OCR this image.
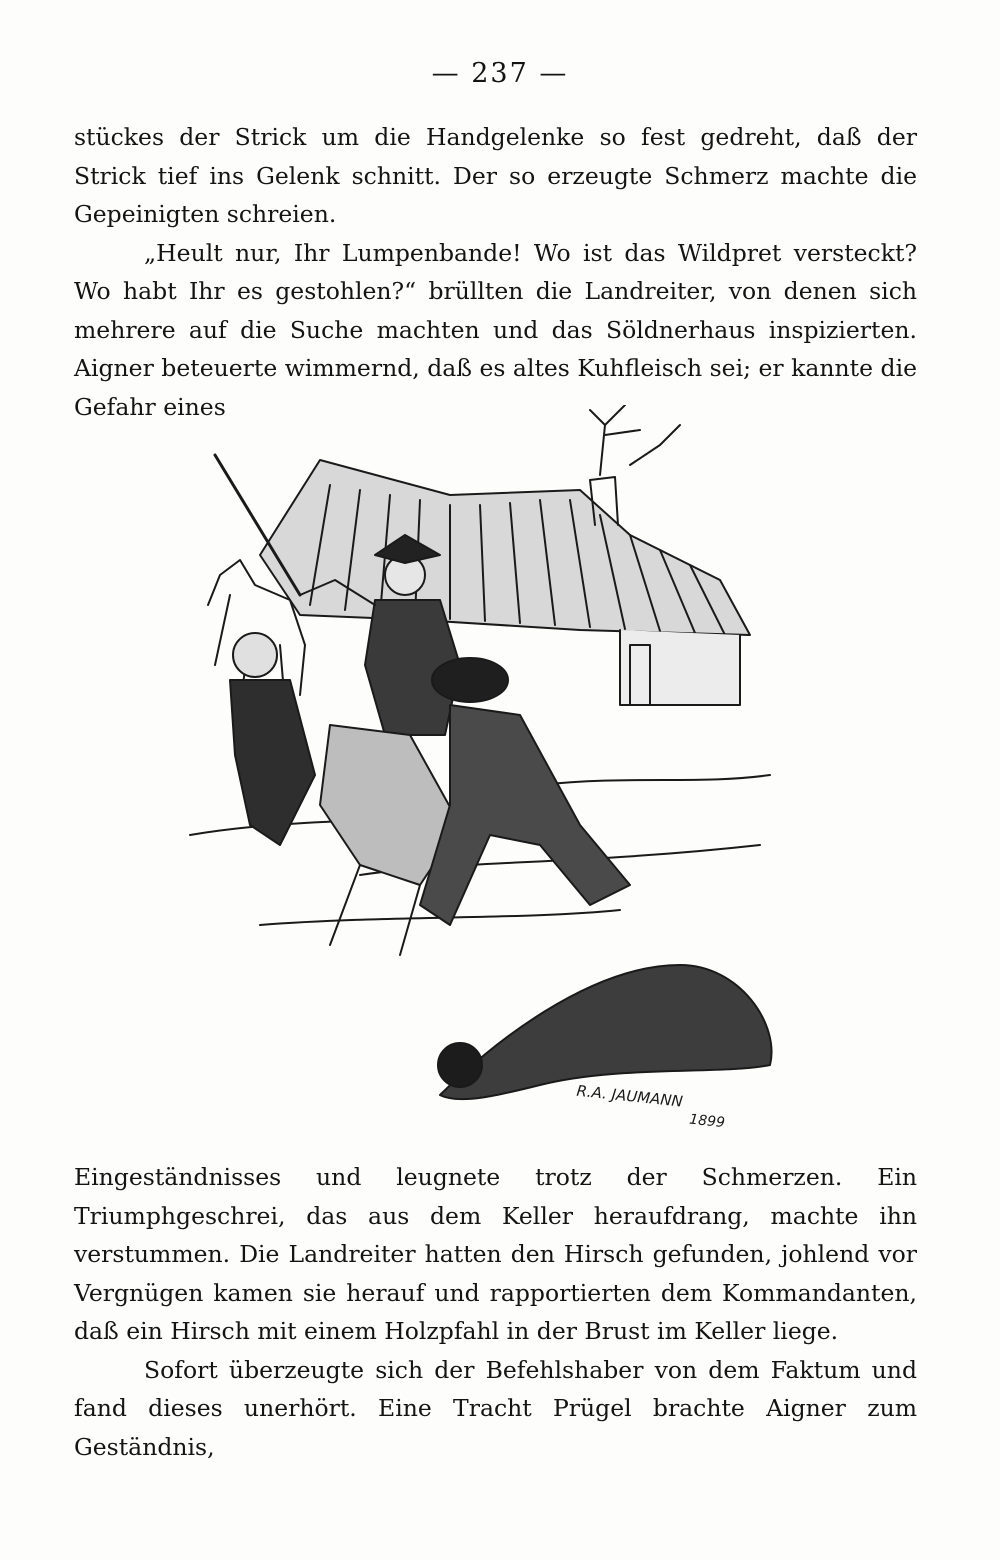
— 237 —

stückes der Strick um die Handgelenke so fest gedreht, daß der Strick tief ins Gelenk schnitt. Der so erzeugte Schmerz machte die Gepeinigten schreien.

„Heult nur, Ihr Lumpenbande! Wo ist das Wildpret versteckt? Wo habt Ihr es gestohlen?“ brüllten die Landreiter, von denen sich mehrere auf die Suche machten und das Söldnerhaus inspizierten. Aigner beteuerte wimmernd, daß es altes Kuhfleisch sei; er kannte die Gefahr eines

R.A. JAUMANN
1899

Eingeständnisses und leugnete trotz der Schmerzen. Ein Triumphgeschrei, das aus dem Keller heraufdrang, machte ihn verstummen. Die Landreiter hatten den Hirsch gefunden, johlend vor Vergnügen kamen sie herauf und rapportierten dem Kommandanten, daß ein Hirsch mit einem Holzpfahl in der Brust im Keller liege.

Sofort überzeugte sich der Befehlshaber von dem Faktum und fand dieses unerhört. Eine Tracht Prügel brachte Aigner zum Geständnis,
